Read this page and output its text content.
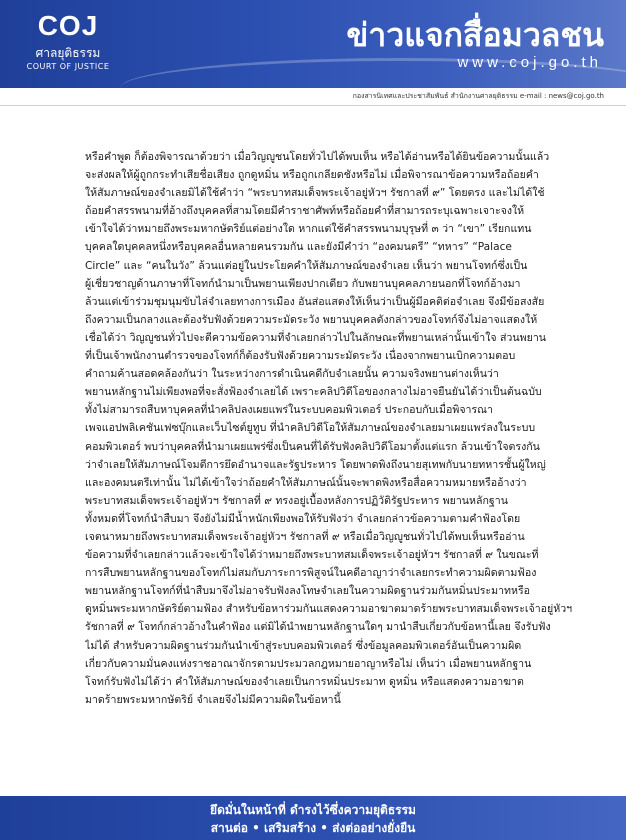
COJ
ศาลยุติธรรม
COURT OF JUSTICE
ข่าวแจกสื่อมวลชน
www.coj.go.th
กองสารนิเทศและประชาสัมพันธ์ สำนักงานศาลยุติธรรม e-mail : news@coj.go.th

หรือคำพูด ก็ต้องพิจารณาด้วยว่า เมื่อวิญญูชนโดยทั่วไปได้พบเห็น หรือได้อ่านหรือได้ยินข้อความนั้นแล้ว

จะส่งผลให้ผู้ถูกกระทำเสียชื่อเสียง ถูกดูหมิ่น หรือถูกเกลียดชังหรือไม่ เมื่อพิจารณาข้อความหรือถ้อยคำ

ให้สัมภาษณ์ของจำเลยมิได้ใช้คำว่า “พระบาทสมเด็จพระเจ้าอยู่หัวฯ รัชกาลที่ ๙” โดยตรง และไม่ได้ใช้

ถ้อยคำสรรพนามที่อ้างถึงบุคคลที่สามโดยมีคำราชาศัพท์หรือถ้อยคำที่สามารถระบุเฉพาะเจาะจงให้

เข้าใจได้ว่าหมายถึงพระมหากษัตริย์แต่อย่างใด หากแต่ใช้คำสรรพนามบุรุษที่ ๓ ว่า “เขา” เรียกแทน

บุคคลใดบุคคลหนึ่งหรือบุคคลอื่นหลายคนรวมกัน และยังมีคำว่า “องคมนตรี” “ทหาร” “Palace

Circle” และ “คนในวัง” ล้วนแต่อยู่ในประโยคคำให้สัมภาษณ์ของจำเลย เห็นว่า พยานโจทก์ซึ่งเป็น

ผู้เชี่ยวชาญด้านภาษาที่โจทก์นำมาเป็นพยานเพียงปากเดียว กับพยานบุคคลภายนอกที่โจทก์อ้างมา

ล้วนแต่เข้าร่วมชุมนุมขับไล่จำเลยทางการเมือง อันส่อแสดงให้เห็นว่าเป็นผู้มีอคติต่อจำเลย จึงมีข้อสงสัย

ถึงความเป็นกลางและต้องรับฟังด้วยความระมัดระวัง พยานบุคคลดังกล่าวของโจทก์จึงไม่อาจแสดงให้

เชื่อได้ว่า วิญญูชนทั่วไปจะตีความข้อความที่จำเลยกล่าวไปในลักษณะที่พยานเหล่านั้นเข้าใจ ส่วนพยาน

ที่เป็นเจ้าพนักงานตำรวจของโจทก์ก็ต้องรับฟังด้วยความระมัดระวัง เนื่องจากพยานเบิกความตอบ

คำถามค้านสอดคล้องกันว่า ในระหว่างการดำเนินคดีกับจำเลยนั้น ความจริงพยานต่างเห็นว่า

พยานหลักฐานไม่เพียงพอที่จะสั่งฟ้องจำเลยได้ เพราะคลิปวิดีโอของกลางไม่อาจยืนยันได้ว่าเป็นต้นฉบับ

ทั้งไม่สามารถสืบหาบุคคลที่นำคลิปลงเผยแพร่ในระบบคอมพิวเตอร์ ประกอบกับเมื่อพิจารณา

เพจแอปพลิเคชันเฟซบุ๊กและเว็บไซต์ยูทูบ ที่นำคลิปวิดีโอให้สัมภาษณ์ของจำเลยมาเผยแพร่ลงในระบบ

คอมพิวเตอร์ พบว่าบุคคลที่นำมาเผยแพร่ซึ่งเป็นคนที่ได้รับฟังคลิปวิดีโอมาตั้งแต่แรก ล้วนเข้าใจตรงกัน

ว่าจำเลยให้สัมภาษณ์โจมตีการยึดอำนาจและรัฐประหาร โดยพาดพิงถึงนายสุเทพกับนายทหารชั้นผู้ใหญ่

และองคมนตรีเท่านั้น ไม่ได้เข้าใจว่าถ้อยคำให้สัมภาษณ์นั้นจะพาดพิงหรือสื่อความหมายหรืออ้างว่า

พระบาทสมเด็จพระเจ้าอยู่หัวฯ รัชกาลที่ ๙ ทรงอยู่เบื้องหลังการปฏิวัติรัฐประหาร พยานหลักฐาน

ทั้งหมดที่โจทก์นำสืบมา จึงยังไม่มีน้ำหนักเพียงพอให้รับฟังว่า จำเลยกล่าวข้อความตามคำฟ้องโดย

เจตนาหมายถึงพระบาทสมเด็จพระเจ้าอยู่หัวฯ รัชกาลที่ ๙ หรือเมื่อวิญญูชนทั่วไปได้พบเห็นหรืออ่าน

ข้อความที่จำเลยกล่าวแล้วจะเข้าใจได้ว่าหมายถึงพระบาทสมเด็จพระเจ้าอยู่หัวฯ รัชกาลที่ ๙ ในขณะที่

การสืบพยานหลักฐานของโจทก์ไม่สมกับภาระการพิสูจน์ในคดีอาญาว่าจำเลยกระทำความผิดตามฟ้อง

พยานหลักฐานโจทก์ที่นำสืบมาจึงไม่อาจรับฟังลงโทษจำเลยในความผิดฐานร่วมกันหมิ่นประมาทหรือ

ดูหมิ่นพระมหากษัตริย์ตามฟ้อง สำหรับข้อหาร่วมกันแสดงความอาฆาตมาดร้ายพระบาทสมเด็จพระเจ้าอยู่หัวฯ

รัชกาลที่ ๙ โจทก์กล่าวอ้างในคำฟ้อง แต่มิได้นำพยานหลักฐานใดๆ มานำสืบเกี่ยวกับข้อหานี้เลย จึงรับฟัง

ไม่ได้ สำหรับความผิดฐานร่วมกันนำเข้าสู่ระบบคอมพิวเตอร์ ซึ่งข้อมูลคอมพิวเตอร์อันเป็นความผิด

เกี่ยวกับความมั่นคงแห่งราชอาณาจักรตามประมวลกฎหมายอาญาหรือไม่ เห็นว่า เมื่อพยานหลักฐาน

โจทก์รับฟังไม่ได้ว่า คำให้สัมภาษณ์ของจำเลยเป็นการหมิ่นประมาท ดูหมิ่น หรือแสดงความอาฆาต

มาดร้ายพระมหากษัตริย์ จำเลยจึงไม่มีความผิดในข้อหานี้

ยึดมั่นในหน้าที่ ดำรงไว้ซึ่งความยุติธรรม
สานต่อ • เสริมสร้าง • ส่งต่ออย่างยั่งยืน
